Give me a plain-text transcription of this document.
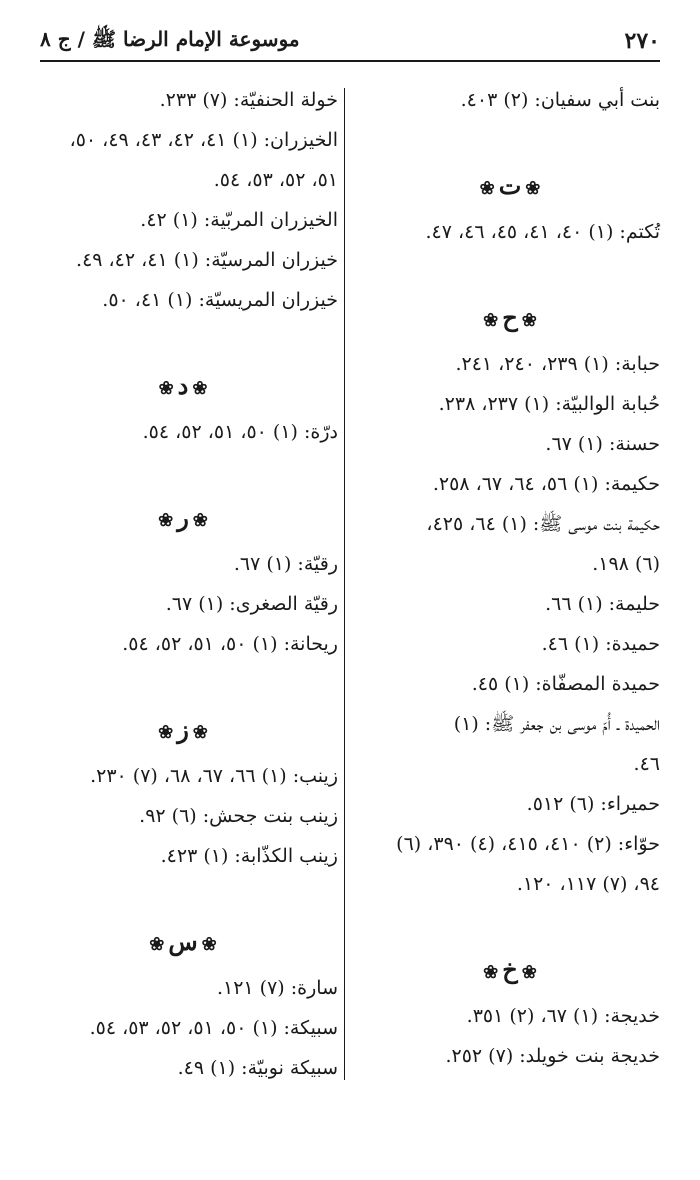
موسوعة الإمام الرضا ﷺ / ج ٨	٢٧٠
بنت أبي سفيان: (٢) ٤٠٣.
❀ت❀
تُكتم: (١) ٤٠، ٤١، ٤٥، ٤٦، ٤٧.
❀ح❀
حبابة: (١) ٢٣٩، ٢٤٠، ٢٤١.
حُبابة الوالبيّة: (١) ٢٣٧، ٢٣٨.
حسنة: (١) ٦٧.
حكيمة: (١) ٥٦، ٦٤، ٦٧، ٢٥٨.
حكيمة بنت موسى ﷺ: (١) ٦٤، ٤٢٥،
(٦) ١٩٨.
حليمة: (١) ٦٦.
حميدة: (١) ٤٦.
حميدة المصفّاة: (١) ٤٥.
الحميدة ـ أُمّ موسى بن جعفر ﷺ: (١)
٤٦.
حميراء: (٦) ٥١٢.
حوّاء: (٢) ٤١٠، ٤١٥، (٤) ٣٩٠، (٦)
٩٤، (٧) ١١٧، ١٢٠.
❀خ❀
خديجة: (١) ٦٧، (٢) ٣٥١.
خديجة بنت خويلد: (٧) ٢٥٢.
خولة الحنفيّة: (٧) ٢٣٣.
الخيزران: (١) ٤١، ٤٢، ٤٣، ٤٩، ٥٠،
٥١، ٥٢، ٥٣، ٥٤.
الخيزران المربّية: (١) ٤٢.
خيزران المرسيّة: (١) ٤١، ٤٢، ٤٩.
خيزران المريسيّة: (١) ٤١، ٥٠.
❀د❀
درّة: (١) ٥٠، ٥١، ٥٢، ٥٤.
❀ر❀
رقيّة: (١) ٦٧.
رقيّة الصغرى: (١) ٦٧.
ريحانة: (١) ٥٠، ٥١، ٥٢، ٥٤.
❀ز❀
زينب: (١) ٦٦، ٦٧، ٦٨، (٧) ٢٣٠.
زينب بنت جحش: (٦) ٩٢.
زينب الكذّابة: (١) ٤٢٣.
❀س❀
سارة: (٧) ١٢١.
سبيكة: (١) ٥٠، ٥١، ٥٢، ٥٣، ٥٤.
سبيكة نوبيّة: (١) ٤٩.
